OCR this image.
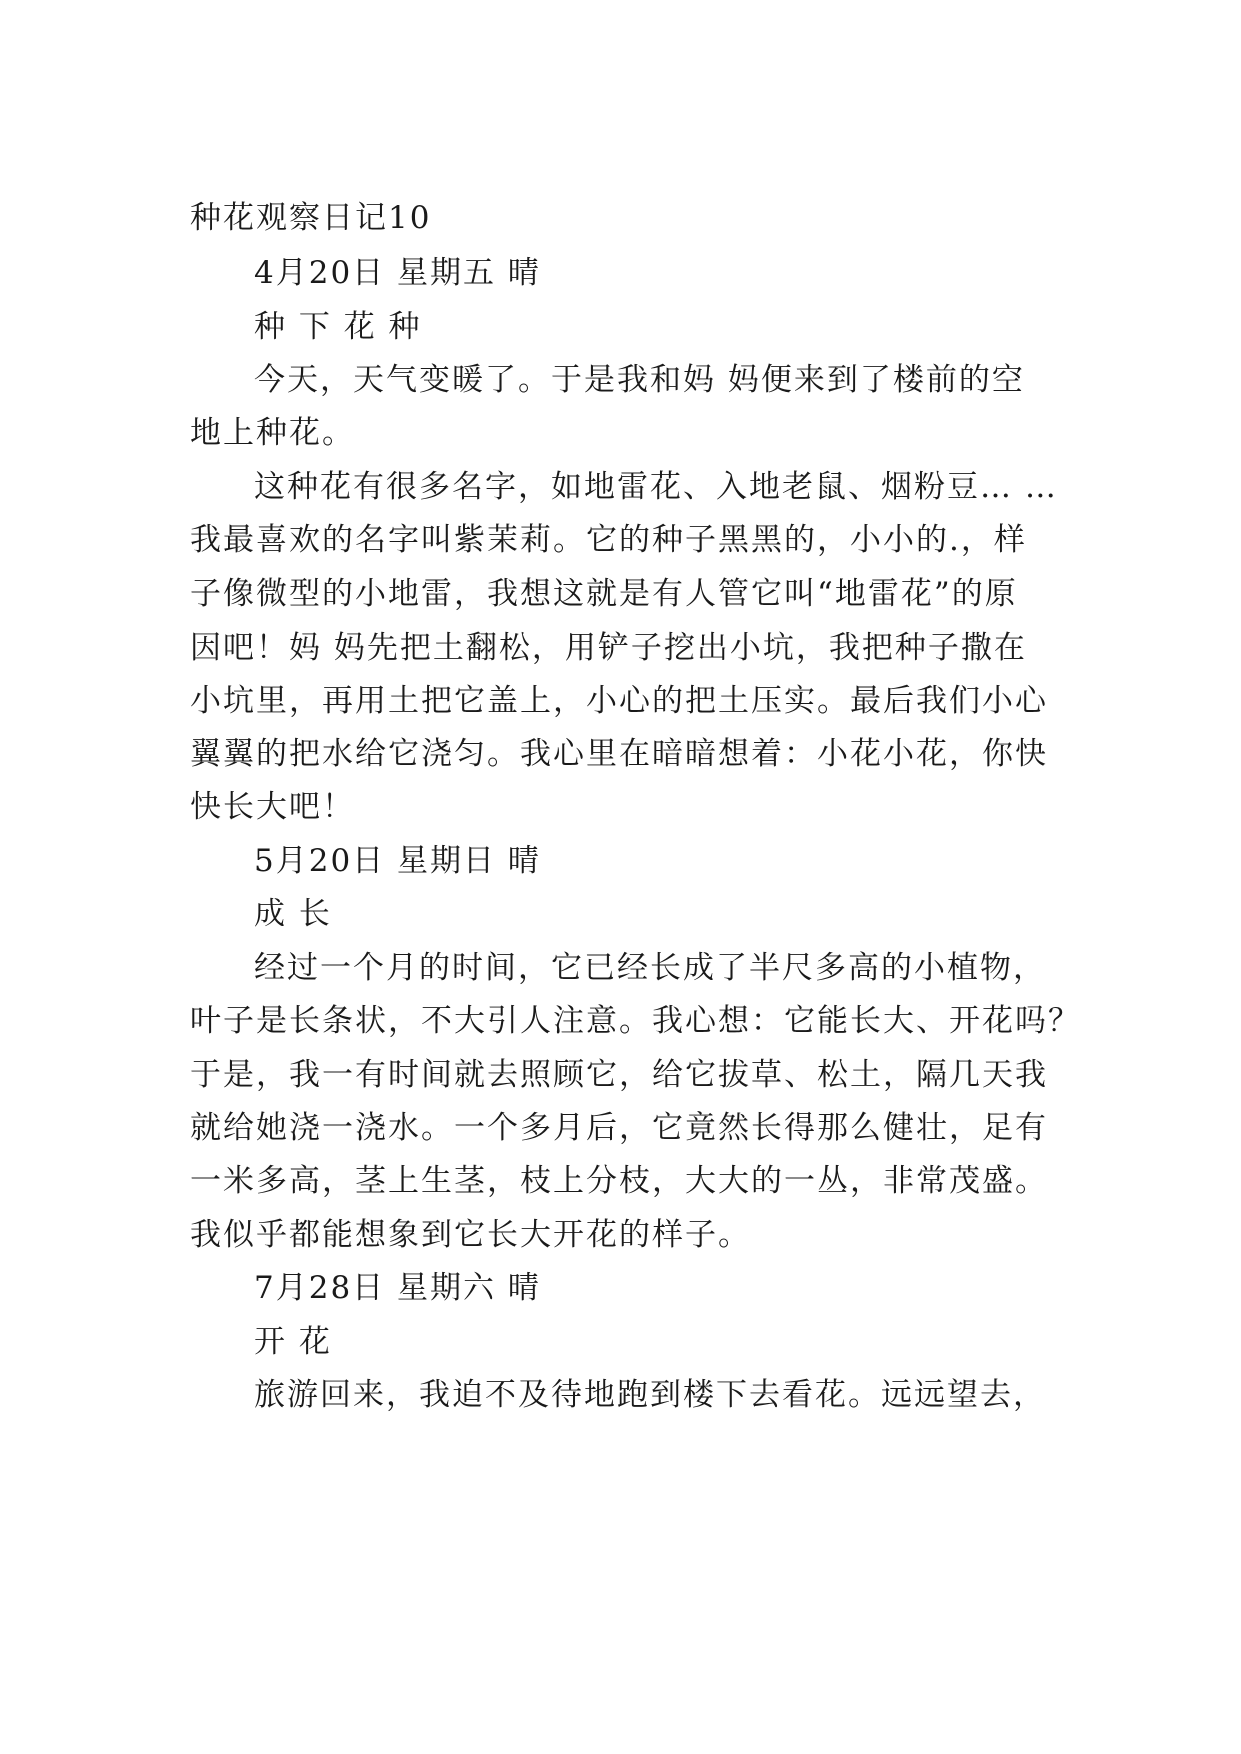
种花观察日记10
4月20日 星期五 晴
种 下 花 种
今天，天气变暖了。于是我和妈 妈便来到了楼前的空
地上种花。
这种花有很多名字，如地雷花、入地老鼠、烟粉豆… …
我最喜欢的名字叫紫茉莉。它的种子黑黑的，小小的.，样
子像微型的小地雷，我想这就是有人管它叫“地雷花”的原
因吧！妈 妈先把土翻松，用铲子挖出小坑，我把种子撒在
小坑里，再用土把它盖上，小心的把土压实。最后我们小心
翼翼的把水给它浇匀。我心里在暗暗想着：小花小花，你快
快长大吧！
5月20日 星期日 晴
成 长
经过一个月的时间，它已经长成了半尺多高的小植物，
叶子是长条状，不大引人注意。我心想：它能长大、开花吗？
于是，我一有时间就去照顾它，给它拔草、松土，隔几天我
就给她浇一浇水。一个多月后，它竟然长得那么健壮，足有
一米多高，茎上生茎，枝上分枝，大大的一丛，非常茂盛。
我似乎都能想象到它长大开花的样子。
7月28日 星期六 晴
开 花
旅游回来，我迫不及待地跑到楼下去看花。远远望去，
